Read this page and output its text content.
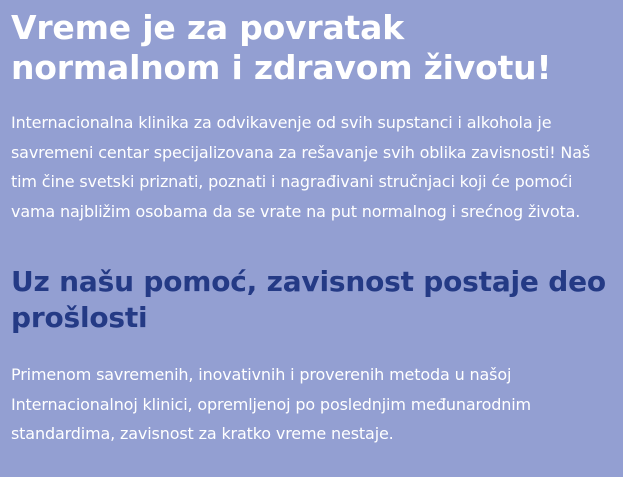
Vreme je za povratak normalnom i zdravom životu!

Internacionalna klinika za odvikavenje od svih supstanci i alkohola je savremeni centar specijalizovana za rešavanje svih oblika zavisnosti! Naš tim čine svetski priznati, poznati i nagrađivani stručnjaci koji će pomoći vama najbližim osobama da se vrate na put normalnog i srećnog života.

Uz našu pomoć, zavisnost postaje deo prošlosti

Primenom savremenih, inovativnih i proverenih metoda u našoj Internacionalnoj klinici, opremljenoj po poslednjim međunarodnim standardima, zavisnost za kratko vreme nestaje.
